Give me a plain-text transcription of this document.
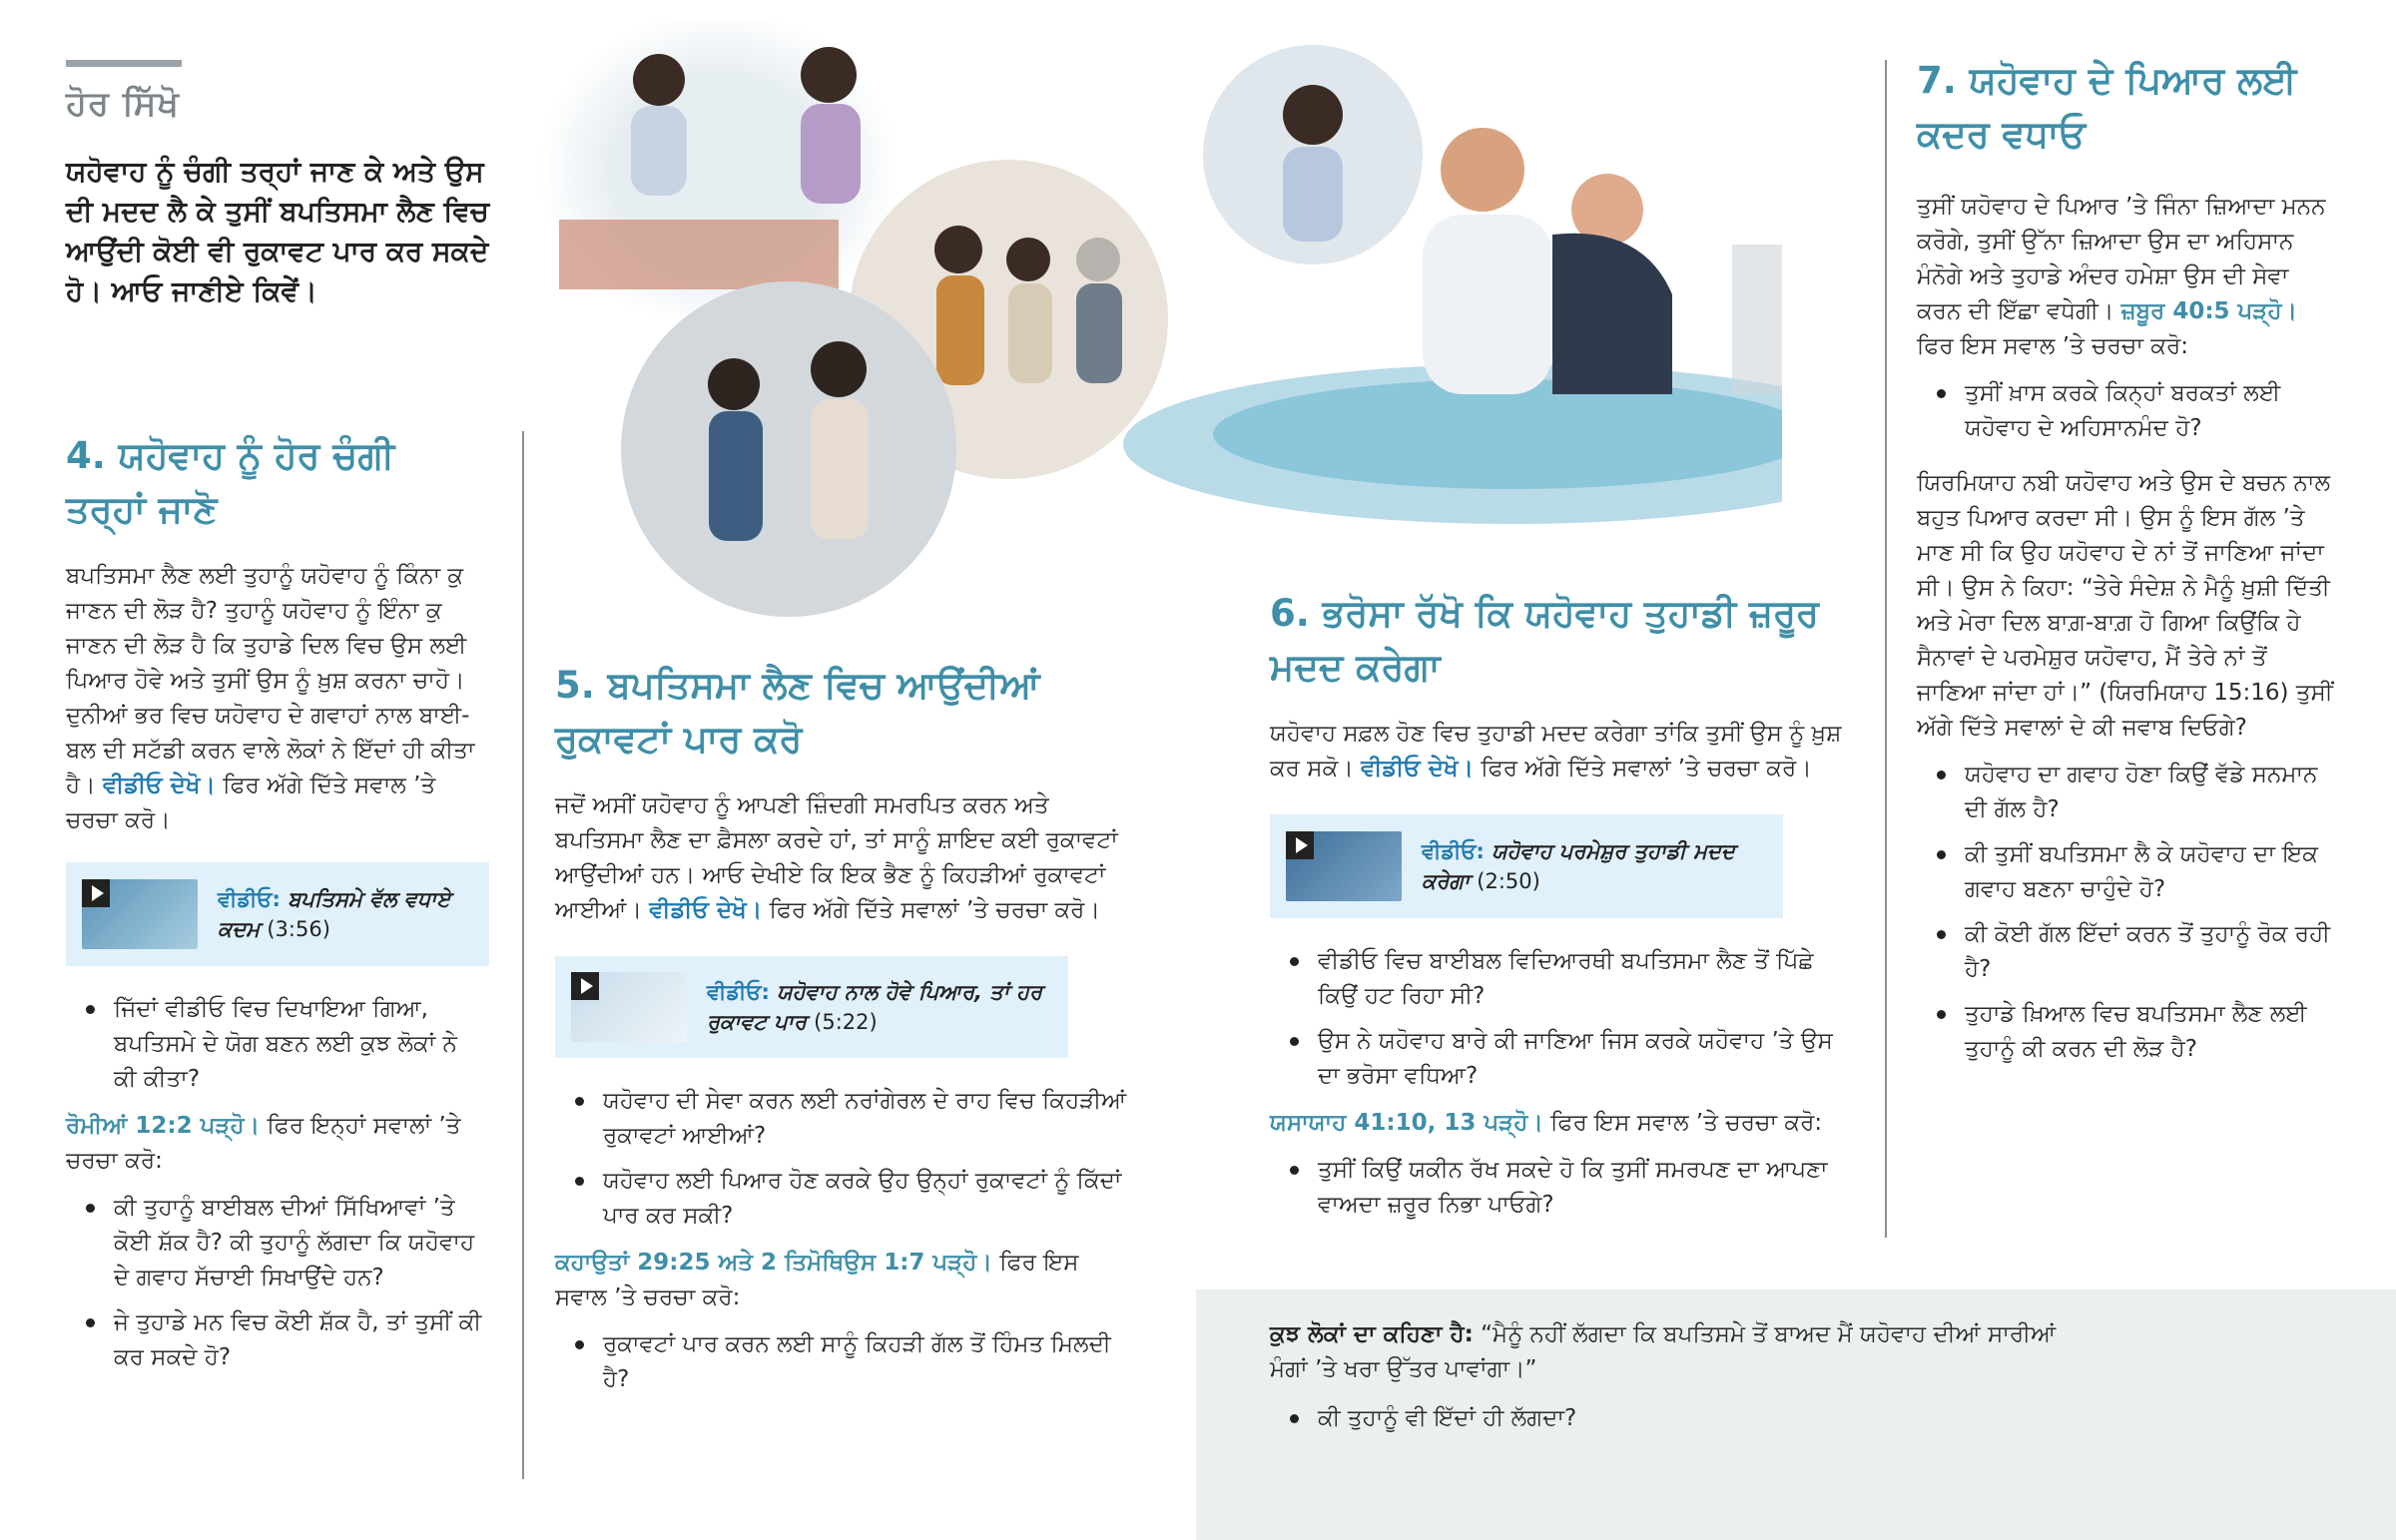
ਹੋਰ ਸਿੱਖੋ
ਯਹੋਵਾਹ ਨੂੰ ਚੰਗੀ ਤਰ੍ਹਾਂ ਜਾਣ ਕੇ ਅਤੇ ਉਸ ਦੀ ਮਦਦ ਲੈ ਕੇ ਤੁਸੀਂ ਬਪਤਿਸਮਾ ਲੈਣ ਵਿਚ ਆਉਂਦੀ ਕੋਈ ਵੀ ਰੁਕਾਵਟ ਪਾਰ ਕਰ ਸਕਦੇ ਹੋ। ਆਓ ਜਾਣੀਏ ਕਿਵੇਂ।
4. ਯਹੋਵਾਹ ਨੂੰ ਹੋਰ ਚੰਗੀ ਤਰ੍ਹਾਂ ਜਾਣੋ
ਬਪਤਿਸਮਾ ਲੈਣ ਲਈ ਤੁਹਾਨੂੰ ਯਹੋਵਾਹ ਨੂੰ ਕਿੰਨਾ ਕੁ ਜਾਣਨ ਦੀ ਲੋੜ ਹੈ? ਤੁਹਾਨੂੰ ਯਹੋਵਾਹ ਨੂੰ ਇੰਨਾ ਕੁ ਜਾਣਨ ਦੀ ਲੋੜ ਹੈ ਕਿ ਤੁਹਾਡੇ ਦਿਲ ਵਿਚ ਉਸ ਲਈ ਪਿਆਰ ਹੋਵੇ ਅਤੇ ਤੁਸੀਂ ਉਸ ਨੂੰ ਖ਼ੁਸ਼ ਕਰਨਾ ਚਾਹੋ। ਦੁਨੀਆਂ ਭਰ ਵਿਚ ਯਹੋਵਾਹ ਦੇ ਗਵਾਹਾਂ ਨਾਲ ਬਾਈ-ਬਲ ਦੀ ਸਟੱਡੀ ਕਰਨ ਵਾਲੇ ਲੋਕਾਂ ਨੇ ਇੱਦਾਂ ਹੀ ਕੀਤਾ ਹੈ। ਵੀਡੀਓ ਦੇਖੋ। ਫਿਰ ਅੱਗੇ ਦਿੱਤੇ ਸਵਾਲ ’ਤੇ ਚਰਚਾ ਕਰੋ।
ਵੀਡੀਓ: ਬਪਤਿਸਮੇ ਵੱਲ ਵਧਾਏ ਕਦਮ (3:56)
ਜਿੱਦਾਂ ਵੀਡੀਓ ਵਿਚ ਦਿਖਾਇਆ ਗਿਆ, ਬਪਤਿਸਮੇ ਦੇ ਯੋਗ ਬਣਨ ਲਈ ਕੁਝ ਲੋਕਾਂ ਨੇ ਕੀ ਕੀਤਾ?
ਰੋਮੀਆਂ 12:2 ਪੜ੍ਹੋ। ਫਿਰ ਇਨ੍ਹਾਂ ਸਵਾਲਾਂ ’ਤੇ ਚਰਚਾ ਕਰੋ:
ਕੀ ਤੁਹਾਨੂੰ ਬਾਈਬਲ ਦੀਆਂ ਸਿੱਖਿਆਵਾਂ ’ਤੇ ਕੋਈ ਸ਼ੱਕ ਹੈ? ਕੀ ਤੁਹਾਨੂੰ ਲੱਗਦਾ ਕਿ ਯਹੋਵਾਹ ਦੇ ਗਵਾਹ ਸੱਚਾਈ ਸਿਖਾਉਂਦੇ ਹਨ?
ਜੇ ਤੁਹਾਡੇ ਮਨ ਵਿਚ ਕੋਈ ਸ਼ੱਕ ਹੈ, ਤਾਂ ਤੁਸੀਂ ਕੀ ਕਰ ਸਕਦੇ ਹੋ?
5. ਬਪਤਿਸਮਾ ਲੈਣ ਵਿਚ ਆਉਂਦੀਆਂ ਰੁਕਾਵਟਾਂ ਪਾਰ ਕਰੋ
ਜਦੋਂ ਅਸੀਂ ਯਹੋਵਾਹ ਨੂੰ ਆਪਣੀ ਜ਼ਿੰਦਗੀ ਸਮਰਪਿਤ ਕਰਨ ਅਤੇ ਬਪਤਿਸਮਾ ਲੈਣ ਦਾ ਫ਼ੈਸਲਾ ਕਰਦੇ ਹਾਂ, ਤਾਂ ਸਾਨੂੰ ਸ਼ਾਇਦ ਕਈ ਰੁਕਾਵਟਾਂ ਆਉਂਦੀਆਂ ਹਨ। ਆਓ ਦੇਖੀਏ ਕਿ ਇਕ ਭੈਣ ਨੂੰ ਕਿਹੜੀਆਂ ਰੁਕਾਵਟਾਂ ਆਈਆਂ। ਵੀਡੀਓ ਦੇਖੋ। ਫਿਰ ਅੱਗੇ ਦਿੱਤੇ ਸਵਾਲਾਂ ’ਤੇ ਚਰਚਾ ਕਰੋ।
ਵੀਡੀਓ: ਯਹੋਵਾਹ ਨਾਲ ਹੋਵੇ ਪਿਆਰ, ਤਾਂ ਹਰ ਰੁਕਾਵਟ ਪਾਰ (5:22)
ਯਹੋਵਾਹ ਦੀ ਸੇਵਾ ਕਰਨ ਲਈ ਨਰਾਂਗੇਰਲ ਦੇ ਰਾਹ ਵਿਚ ਕਿਹੜੀਆਂ ਰੁਕਾਵਟਾਂ ਆਈਆਂ?
ਯਹੋਵਾਹ ਲਈ ਪਿਆਰ ਹੋਣ ਕਰਕੇ ਉਹ ਉਨ੍ਹਾਂ ਰੁਕਾਵਟਾਂ ਨੂੰ ਕਿੱਦਾਂ ਪਾਰ ਕਰ ਸਕੀ?
ਕਹਾਉਤਾਂ 29:25 ਅਤੇ 2 ਤਿਮੋਥਿਉਸ 1:7 ਪੜ੍ਹੋ। ਫਿਰ ਇਸ ਸਵਾਲ ’ਤੇ ਚਰਚਾ ਕਰੋ:
ਰੁਕਾਵਟਾਂ ਪਾਰ ਕਰਨ ਲਈ ਸਾਨੂੰ ਕਿਹੜੀ ਗੱਲ ਤੋਂ ਹਿੰਮਤ ਮਿਲਦੀ ਹੈ?
6. ਭਰੋਸਾ ਰੱਖੋ ਕਿ ਯਹੋਵਾਹ ਤੁਹਾਡੀ ਜ਼ਰੂਰ ਮਦਦ ਕਰੇਗਾ
ਯਹੋਵਾਹ ਸਫ਼ਲ ਹੋਣ ਵਿਚ ਤੁਹਾਡੀ ਮਦਦ ਕਰੇਗਾ ਤਾਂਕਿ ਤੁਸੀਂ ਉਸ ਨੂੰ ਖ਼ੁਸ਼ ਕਰ ਸਕੋ। ਵੀਡੀਓ ਦੇਖੋ। ਫਿਰ ਅੱਗੇ ਦਿੱਤੇ ਸਵਾਲਾਂ ’ਤੇ ਚਰਚਾ ਕਰੋ।
ਵੀਡੀਓ: ਯਹੋਵਾਹ ਪਰਮੇਸ਼ੁਰ ਤੁਹਾਡੀ ਮਦਦ ਕਰੇਗਾ (2:50)
ਵੀਡੀਓ ਵਿਚ ਬਾਈਬਲ ਵਿਦਿਆਰਥੀ ਬਪਤਿਸਮਾ ਲੈਣ ਤੋਂ ਪਿੱਛੇ ਕਿਉਂ ਹਟ ਰਿਹਾ ਸੀ?
ਉਸ ਨੇ ਯਹੋਵਾਹ ਬਾਰੇ ਕੀ ਜਾਣਿਆ ਜਿਸ ਕਰਕੇ ਯਹੋਵਾਹ ’ਤੇ ਉਸ ਦਾ ਭਰੋਸਾ ਵਧਿਆ?
ਯਸਾਯਾਹ 41:10, 13 ਪੜ੍ਹੋ। ਫਿਰ ਇਸ ਸਵਾਲ ’ਤੇ ਚਰਚਾ ਕਰੋ:
ਤੁਸੀਂ ਕਿਉਂ ਯਕੀਨ ਰੱਖ ਸਕਦੇ ਹੋ ਕਿ ਤੁਸੀਂ ਸਮਰਪਣ ਦਾ ਆਪਣਾ ਵਾਅਦਾ ਜ਼ਰੂਰ ਨਿਭਾ ਪਾਓਗੇ?
7. ਯਹੋਵਾਹ ਦੇ ਪਿਆਰ ਲਈ ਕਦਰ ਵਧਾਓ
ਤੁਸੀਂ ਯਹੋਵਾਹ ਦੇ ਪਿਆਰ ’ਤੇ ਜਿੰਨਾ ਜ਼ਿਆਦਾ ਮਨਨ ਕਰੋਗੇ, ਤੁਸੀਂ ਉੱਨਾ ਜ਼ਿਆਦਾ ਉਸ ਦਾ ਅਹਿਸਾਨ ਮੰਨੋਗੇ ਅਤੇ ਤੁਹਾਡੇ ਅੰਦਰ ਹਮੇਸ਼ਾ ਉਸ ਦੀ ਸੇਵਾ ਕਰਨ ਦੀ ਇੱਛਾ ਵਧੇਗੀ। ਜ਼ਬੂਰ 40:5 ਪੜ੍ਹੋ। ਫਿਰ ਇਸ ਸਵਾਲ ’ਤੇ ਚਰਚਾ ਕਰੋ:
ਤੁਸੀਂ ਖ਼ਾਸ ਕਰਕੇ ਕਿਨ੍ਹਾਂ ਬਰਕਤਾਂ ਲਈ ਯਹੋਵਾਹ ਦੇ ਅਹਿਸਾਨਮੰਦ ਹੋ?
ਯਿਰਮਿਯਾਹ ਨਬੀ ਯਹੋਵਾਹ ਅਤੇ ਉਸ ਦੇ ਬਚਨ ਨਾਲ ਬਹੁਤ ਪਿਆਰ ਕਰਦਾ ਸੀ। ਉਸ ਨੂੰ ਇਸ ਗੱਲ ’ਤੇ ਮਾਣ ਸੀ ਕਿ ਉਹ ਯਹੋਵਾਹ ਦੇ ਨਾਂ ਤੋਂ ਜਾਣਿਆ ਜਾਂਦਾ ਸੀ। ਉਸ ਨੇ ਕਿਹਾ: “ਤੇਰੇ ਸੰਦੇਸ਼ ਨੇ ਮੈਨੂੰ ਖ਼ੁਸ਼ੀ ਦਿੱਤੀ ਅਤੇ ਮੇਰਾ ਦਿਲ ਬਾਗ਼-ਬਾਗ਼ ਹੋ ਗਿਆ ਕਿਉਂਕਿ ਹੇ ਸੈਨਾਵਾਂ ਦੇ ਪਰਮੇਸ਼ੁਰ ਯਹੋਵਾਹ, ਮੈਂ ਤੇਰੇ ਨਾਂ ਤੋਂ ਜਾਣਿਆ ਜਾਂਦਾ ਹਾਂ।” (ਯਿਰਮਿਯਾਹ 15:16) ਤੁਸੀਂ ਅੱਗੇ ਦਿੱਤੇ ਸਵਾਲਾਂ ਦੇ ਕੀ ਜਵਾਬ ਦਿਓਗੇ?
ਯਹੋਵਾਹ ਦਾ ਗਵਾਹ ਹੋਣਾ ਕਿਉਂ ਵੱਡੇ ਸਨਮਾਨ ਦੀ ਗੱਲ ਹੈ?
ਕੀ ਤੁਸੀਂ ਬਪਤਿਸਮਾ ਲੈ ਕੇ ਯਹੋਵਾਹ ਦਾ ਇਕ ਗਵਾਹ ਬਣਨਾ ਚਾਹੁੰਦੇ ਹੋ?
ਕੀ ਕੋਈ ਗੱਲ ਇੱਦਾਂ ਕਰਨ ਤੋਂ ਤੁਹਾਨੂੰ ਰੋਕ ਰਹੀ ਹੈ?
ਤੁਹਾਡੇ ਖ਼ਿਆਲ ਵਿਚ ਬਪਤਿਸਮਾ ਲੈਣ ਲਈ ਤੁਹਾਨੂੰ ਕੀ ਕਰਨ ਦੀ ਲੋੜ ਹੈ?
ਕੁਝ ਲੋਕਾਂ ਦਾ ਕਹਿਣਾ ਹੈ: “ਮੈਨੂੰ ਨਹੀਂ ਲੱਗਦਾ ਕਿ ਬਪਤਿਸਮੇ ਤੋਂ ਬਾਅਦ ਮੈਂ ਯਹੋਵਾਹ ਦੀਆਂ ਸਾਰੀਆਂ ਮੰਗਾਂ ’ਤੇ ਖਰਾ ਉੱਤਰ ਪਾਵਾਂਗਾ।”
ਕੀ ਤੁਹਾਨੂੰ ਵੀ ਇੱਦਾਂ ਹੀ ਲੱਗਦਾ?
